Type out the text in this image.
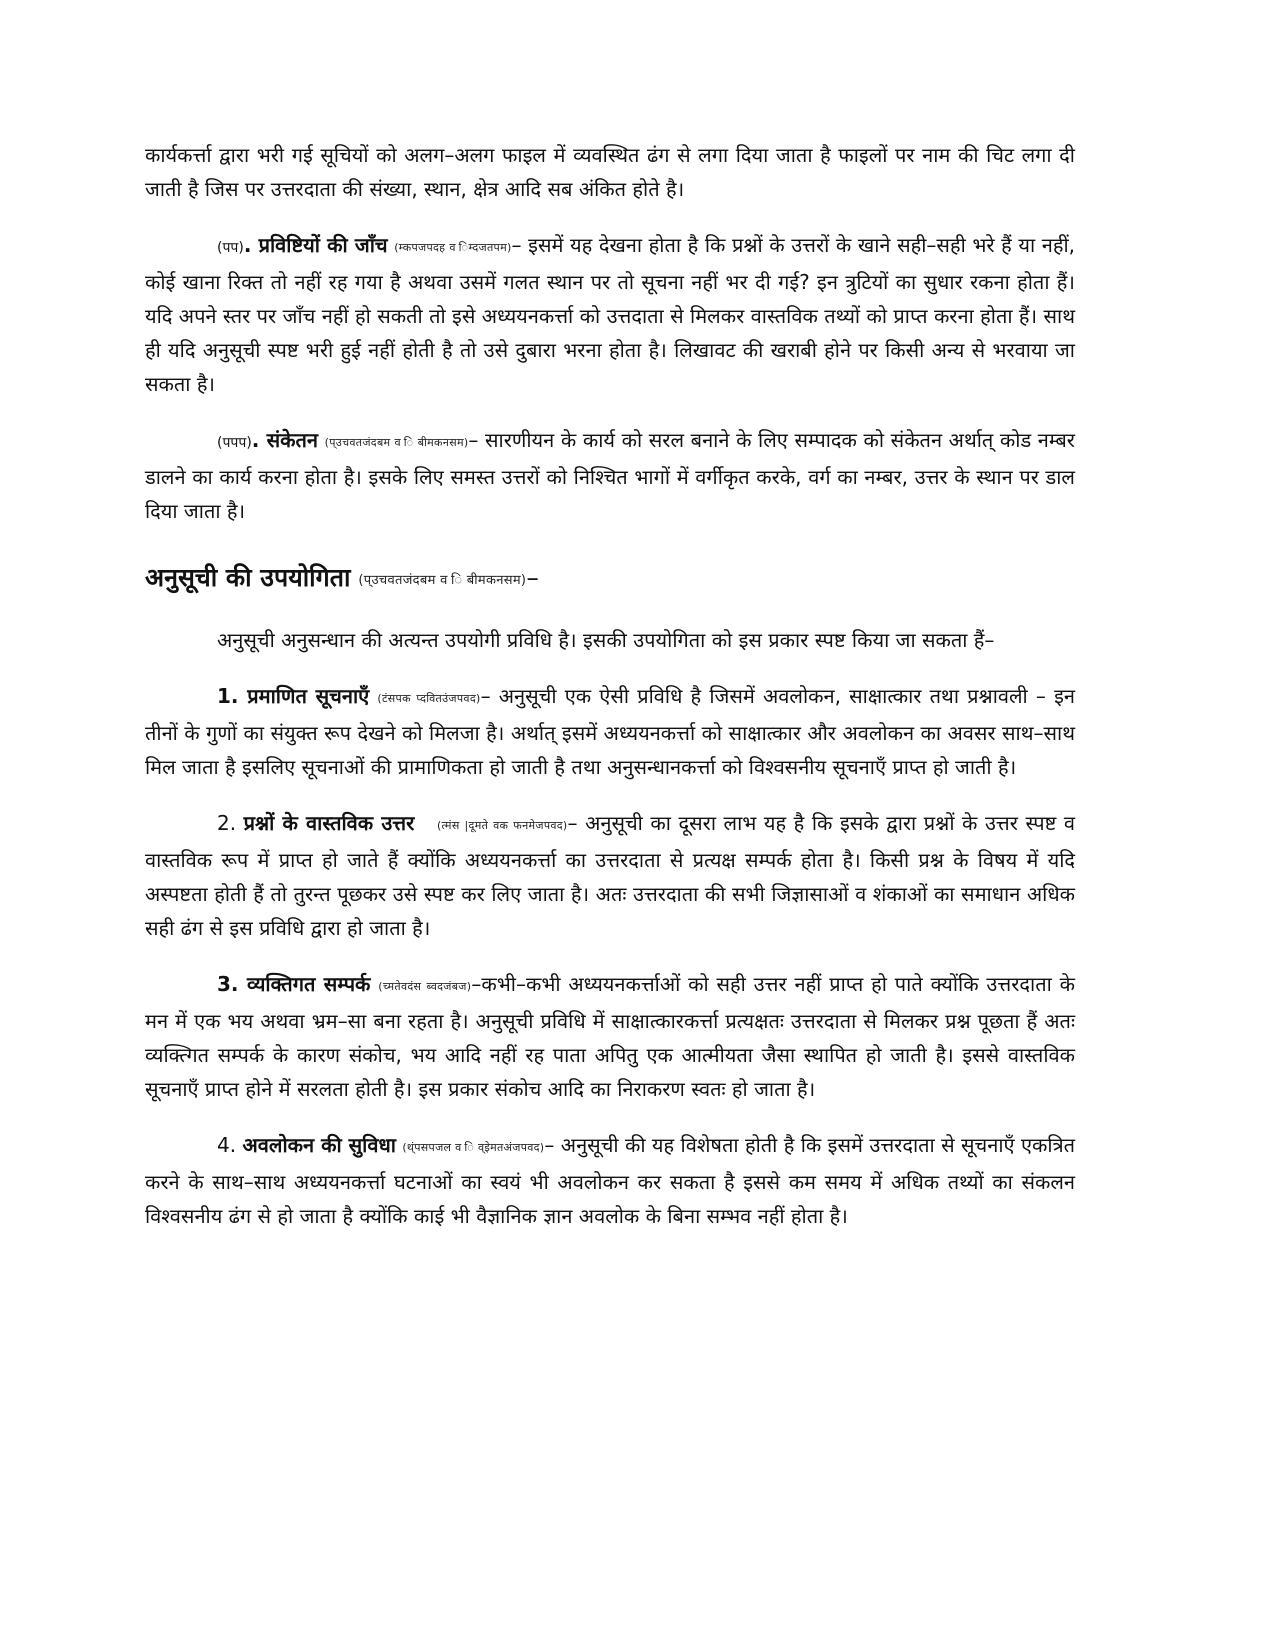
कार्यकर्त्ता द्वारा भरी गई सूचियों को अलग–अलग फाइल में व्यवस्थित ढंग से लगा दिया जाता है फाइलों पर नाम की चिट लगा दी जाती है जिस पर उत्तरदाता की संख्या, स्थान, क्षेत्र आदि सब अंकित होते है।

(पप). प्रविष्टियों की जाँच (म्कपजपदह व िम्दजतपम)– इसमें यह देखना होता है कि प्रश्नों के उत्तरों के खाने सही–सही भरे हैं या नहीं, कोई खाना रिक्त तो नहीं रह गया है अथवा उसमें गलत स्थान पर तो सूचना नहीं भर दी गई? इन त्रुटियों का सुधार रकना होता हैं। यदि अपने स्तर पर जाँच नहीं हो सकती तो इसे अध्ययनकर्त्ता को उत्तदाता से मिलकर वास्तविक तथ्यों को प्राप्त करना होता हैं। साथ ही यदि अनुसूची स्पष्ट भरी हुई नहीं होती है तो उसे दुबारा भरना होता है। लिखावट की खराबी होने पर किसी अन्य से भरवाया जा सकता है।

(पपप). संकेतन (प्उचवतजंदबम व ि बीमकनसम)– सारणीयन के कार्य को सरल बनाने के लिए सम्पादक को संकेतन अर्थात् कोड नम्बर डालने का कार्य करना होता है। इसके लिए समस्त उत्तरों को निश्चित भागों में वर्गीकृत करके, वर्ग का नम्बर, उत्तर के स्थान पर डाल दिया जाता है।

अनुसूची की उपयोगिता (प्उचवतजंदबम व ि बीमकनसम)–

अनुसूची अनुसन्धान की अत्यन्त उपयोगी प्रविधि है। इसकी उपयोगिता को इस प्रकार स्पष्ट किया जा सकता हैं–

1. प्रमाणित सूचनाएँ (टंसपक प्दवितउंजपवद)– अनुसूची एक ऐसी प्रविधि है जिसमें अवलोकन, साक्षात्कार तथा प्रश्नावली – इन तीनों के गुणों का संयुक्त रूप देखने को मिलजा है। अर्थात् इसमें अध्ययनकर्त्ता को साक्षात्कार और अवलोकन का अवसर साथ–साथ मिल जाता है इसलिए सूचनाओं की प्रामाणिकता हो जाती है तथा अनुसन्धानकर्त्ता को विश्वसनीय सूचनाएँ प्राप्त हो जाती है।

2. प्रश्नों के वास्तविक उत्तर (त्मंस |दूमते वक फनमेजपवद)– अनुसूची का दूसरा लाभ यह है कि इसके द्वारा प्रश्नों के उत्तर स्पष्ट व वास्तविक रूप में प्राप्त हो जाते हैं क्योंकि अध्ययनकर्त्ता का उत्तरदाता से प्रत्यक्ष सम्पर्क होता है। किसी प्रश्न के विषय में यदि अस्पष्टता होती हैं तो तुरन्त पूछकर उसे स्पष्ट कर लिए जाता है। अतः उत्तरदाता की सभी जिज्ञासाओं व शंकाओं का समाधान अधिक सही ढंग से इस प्रविधि द्वारा हो जाता है।

3. व्यक्तिगत सम्पर्क (च्मतेवदंस ब्वदजंबज)–कभी–कभी अध्ययनकर्त्ताओं को सही उत्तर नहीं प्राप्त हो पाते क्योंकि उत्तरदाता के मन में एक भय अथवा भ्रम–सा बना रहता है। अनुसूची प्रविधि में साक्षात्कारकर्त्ता प्रत्यक्षतः उत्तरदाता से मिलकर प्रश्न पूछता हैं अतः व्यक्त्गित सम्पर्क के कारण संकोच, भय आदि नहीं रह पाता अपितु एक आत्मीयता जैसा स्थापित हो जाती है। इससे वास्तविक सूचनाएँ प्राप्त होने में सरलता होती है। इस प्रकार संकोच आदि का निराकरण स्वतः हो जाता है।

4. अवलोकन की सुविधा (थ्ंपसपजल व ि व्इेमतअंजपवद)– अनुसूची की यह विशेषता होती है कि इसमें उत्तरदाता से सूचनाएँ एकत्रित करने के साथ–साथ अध्ययनकर्त्ता घटनाओं का स्वयं भी अवलोकन कर सकता है इससे कम समय में अधिक तथ्यों का संकलन विश्वसनीय ढंग से हो जाता है क्योंकि काई भी वैज्ञानिक ज्ञान अवलोक के बिना सम्भव नहीं होता है।
